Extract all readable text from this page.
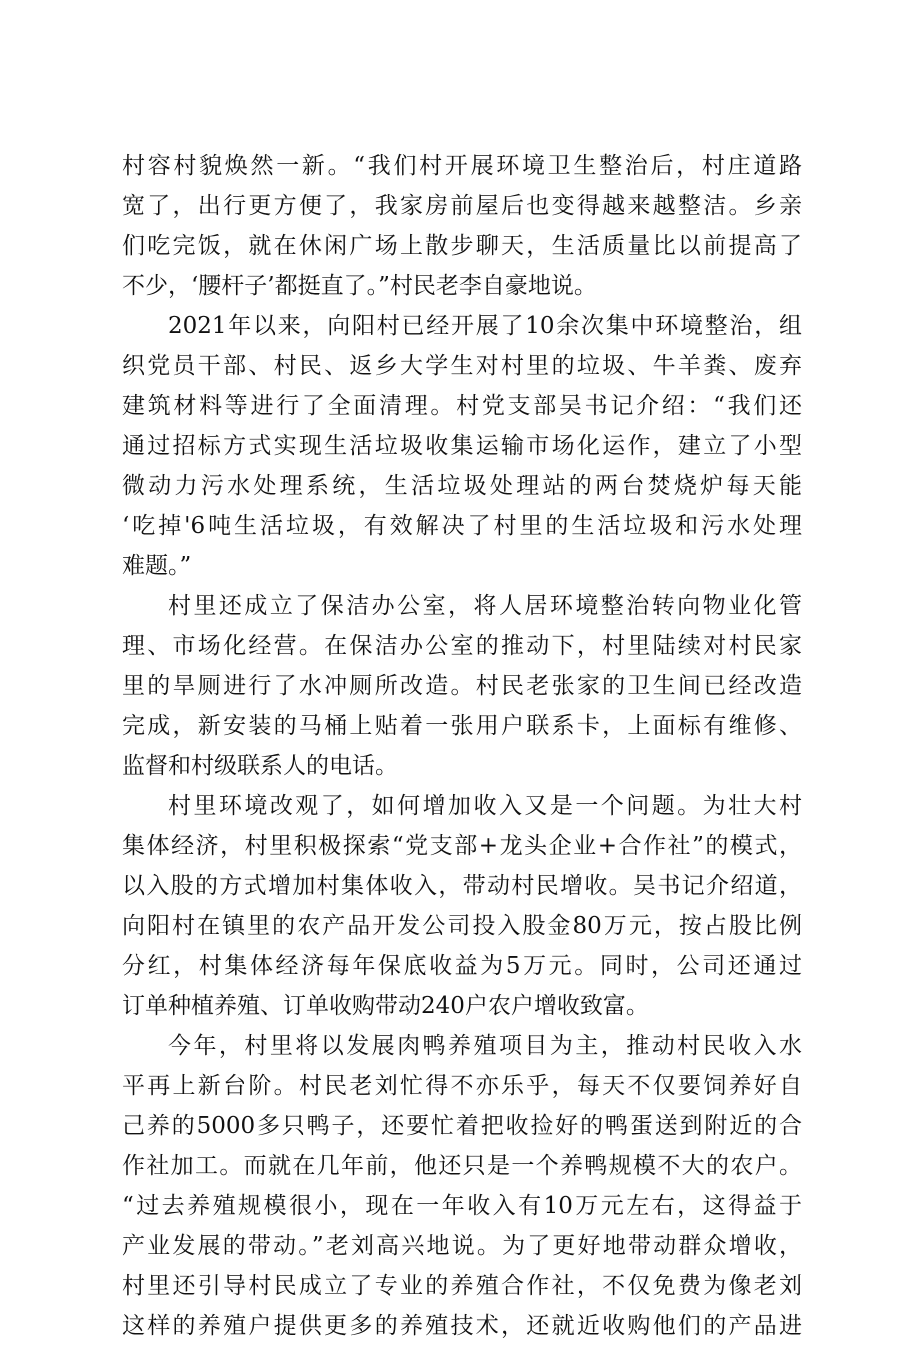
村容村貌焕然一新。“我们村开展环境卫生整治后，村庄道路
宽了，出行更方便了，我家房前屋后也变得越来越整洁。乡亲
们吃完饭，就在休闲广场上散步聊天，生活质量比以前提高了
不少，‘腰杆子’都挺直了。”村民老李自豪地说。
2021年以来，向阳村已经开展了10余次集中环境整治，组
织党员干部、村民、返乡大学生对村里的垃圾、牛羊粪、废弃
建筑材料等进行了全面清理。村党支部吴书记介绍：“我们还
通过招标方式实现生活垃圾收集运输市场化运作，建立了小型
微动力污水处理系统，生活垃圾处理站的两台焚烧炉每天能
‘吃掉'6吨生活垃圾，有效解决了村里的生活垃圾和污水处理
难题。”
村里还成立了保洁办公室，将人居环境整治转向物业化管
理、市场化经营。在保洁办公室的推动下，村里陆续对村民家
里的旱厕进行了水冲厕所改造。村民老张家的卫生间已经改造
完成，新安装的马桶上贴着一张用户联系卡，上面标有维修、
监督和村级联系人的电话。
村里环境改观了，如何增加收入又是一个问题。为壮大村
集体经济，村里积极探索“党支部+龙头企业+合作社”的模式，
以入股的方式增加村集体收入，带动村民增收。吴书记介绍道，
向阳村在镇里的农产品开发公司投入股金80万元，按占股比例
分红，村集体经济每年保底收益为5万元。同时，公司还通过
订单种植养殖、订单收购带动240户农户增收致富。
今年，村里将以发展肉鸭养殖项目为主，推动村民收入水
平再上新台阶。村民老刘忙得不亦乐乎，每天不仅要饲养好自
己养的5000多只鸭子，还要忙着把收捡好的鸭蛋送到附近的合
作社加工。而就在几年前，他还只是一个养鸭规模不大的农户。
“过去养殖规模很小，现在一年收入有10万元左右，这得益于
产业发展的带动。”老刘高兴地说。为了更好地带动群众增收，
村里还引导村民成立了专业的养殖合作社，不仅免费为像老刘
这样的养殖户提供更多的养殖技术，还就近收购他们的产品进
